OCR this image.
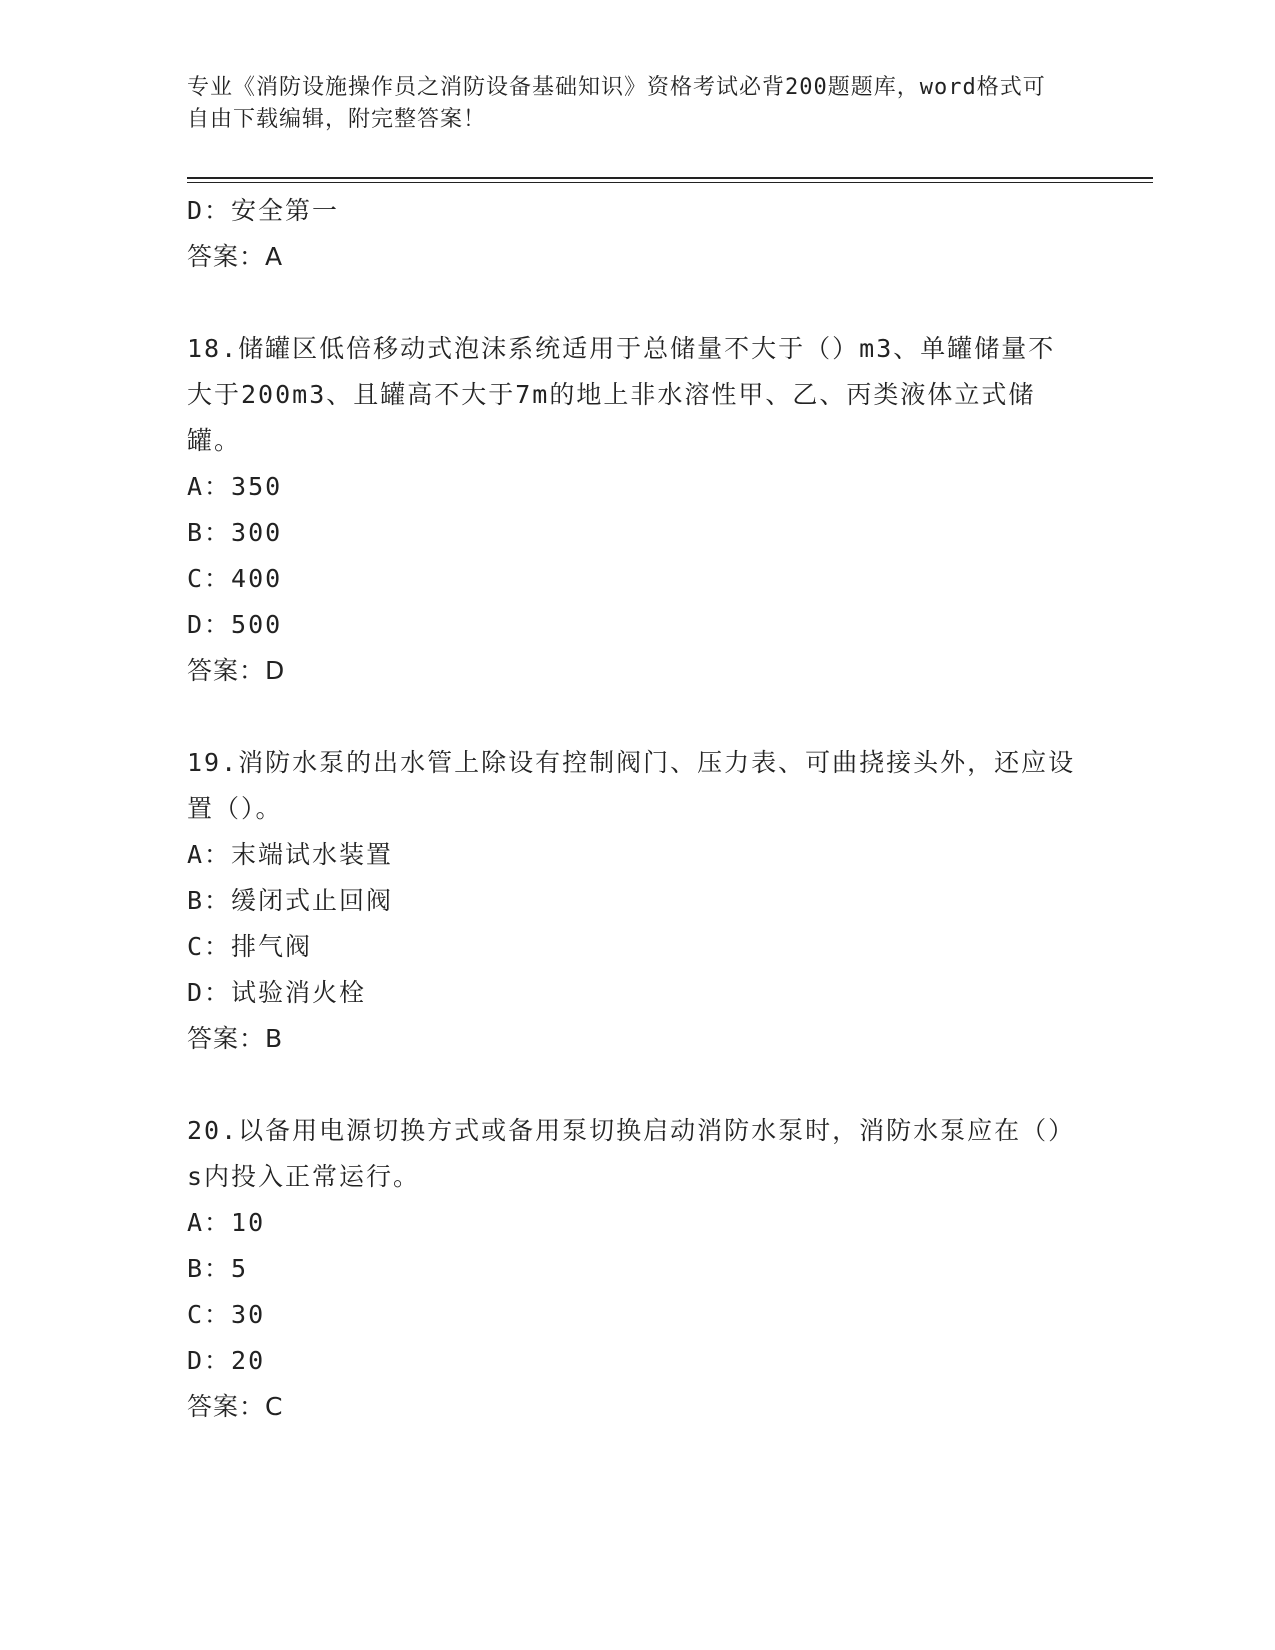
专业《消防设施操作员之消防设备基础知识》资格考试必背200题题库，word格式可自由下载编辑，附完整答案！
D：安全第一
答案：A
18.储罐区低倍移动式泡沫系统适用于总储量不大于（）m3、单罐储量不大于200m3、且罐高不大于7m的地上非水溶性甲、乙、丙类液体立式储罐。
A：350
B：300
C：400
D：500
答案：D
19.消防水泵的出水管上除设有控制阀门、压力表、可曲挠接头外，还应设置（）。
A：末端试水装置
B：缓闭式止回阀
C：排气阀
D：试验消火栓
答案：B
20.以备用电源切换方式或备用泵切换启动消防水泵时，消防水泵应在（）s内投入正常运行。
A：10
B：5
C：30
D：20
答案：C
